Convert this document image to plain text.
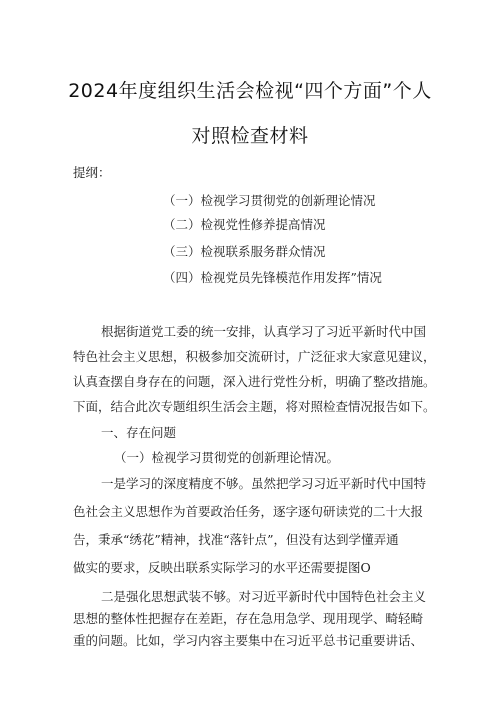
2024年度组织生活会检视“四个方面”个人
对照检查材料
提纲：
（一）检视学习贯彻党的创新理论情况
（二）检视党性修养提高情况
（三）检视联系服务群众情况
（四）检视党员先锋模范作用发挥”情况
根据街道党工委的统一安排，认真学习了习近平新时代中国
特色社会主义思想，积极参加交流研讨，广泛征求大家意见建议，
认真查摆自身存在的问题，深入进行党性分析，明确了整改措施。
下面，结合此次专题组织生活会主题，将对照检查情况报告如下。
一、存在问题
（一）检视学习贯彻党的创新理论情况。
一是学习的深度精度不够。虽然把学习习近平新时代中国特
色社会主义思想作为首要政治任务，逐字逐句研读党的二十大报
告，秉承“绣花”精神，找准“落针点”，但没有达到学懂弄通
做实的要求，反映出联系实际学习的水平还需要提图O
二是强化思想武装不够。对习近平新时代中国特色社会主义
思想的整体性把握存在差距，存在急用急学、现用现学、畸轻畸
重的问题。比如，学习内容主要集中在习近平总书记重要讲话、
